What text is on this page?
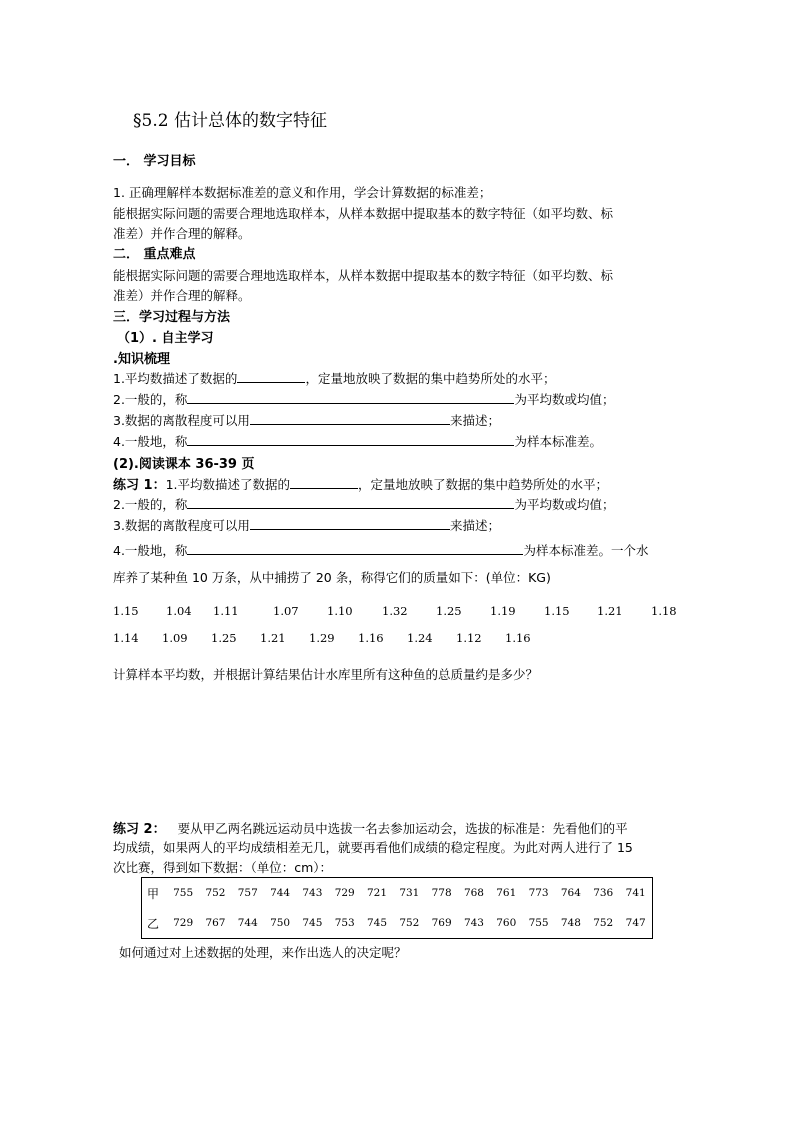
§5.2 估计总体的数字特征
一． 学习目标
1. 正确理解样本数据标准差的意义和作用，学会计算数据的标准差；
能根据实际问题的需要合理地选取样本，从样本数据中提取基本的数字特征（如平均数、标
准差）并作合理的解释。
二． 重点难点
能根据实际问题的需要合理地选取样本，从样本数据中提取基本的数字特征（如平均数、标
准差）并作合理的解释。
三．学习过程与方法
（1）. 自主学习
.知识梳理
1.平均数描述了数据的	，定量地放映了数据的集中趋势所处的水平；
2.一般的，称	为平均数或均值；
3.数据的离散程度可以用	来描述；
4.一般地，称	为样本标准差。
(2).阅读课本 36-39 页
练习 1：1.平均数描述了数据的	，定量地放映了数据的集中趋势所处的水平；
2.一般的，称	为平均数或均值；
3.数据的离散程度可以用	来描述；
4.一般地，称	为样本标准差。一个水
库养了某种鱼 10 万条，从中捕捞了 20 条，称得它们的质量如下：(单位：KG)
1.15 1.04 1.11	1.07 1.10	1.32 1.25 1.19 1.15 1.21 1.18
1.14 1.09 1.25 1.21 1.29 1.16 1.24 1.12 1.16
计算样本平均数，并根据计算结果估计水库里所有这种鱼的总质量约是多少？
练习 2： 要从甲乙两名跳远运动员中选拔一名去参加运动会，选拔的标准是：先看他们的平
均成绩，如果两人的平均成绩相差无几，就要再看他们成绩的稳定程度。为此对两人进行了 15
次比赛，得到如下数据：（单位：cm）：
甲	755	752	757	744	743	729	721	731	778	768	761	773	764	736	741
乙	729	767	744	750	745	753	745	752	769	743	760	755	748	752	747
如何通过对上述数据的处理，来作出选人的决定呢？
